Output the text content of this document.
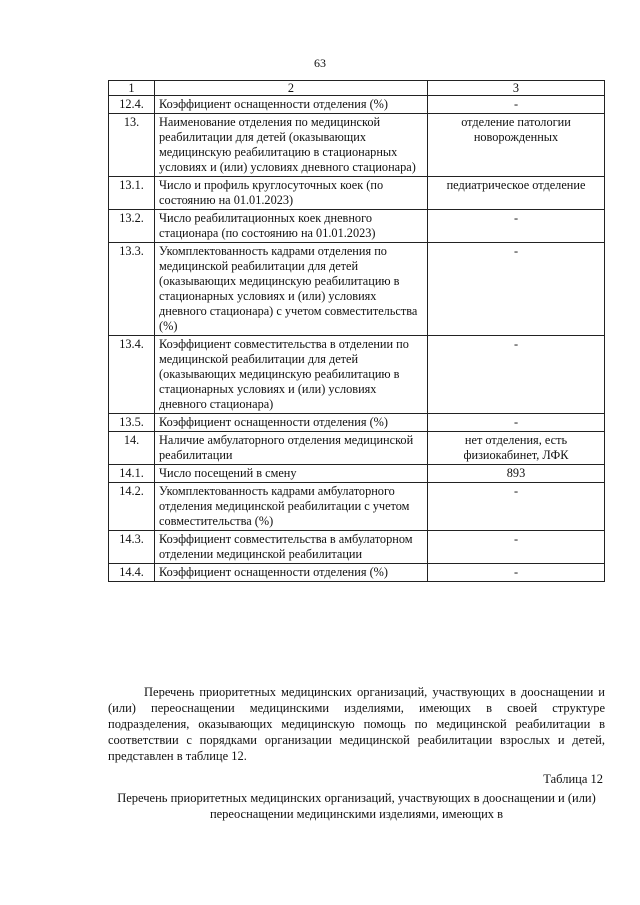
63
1	2	3
12.4.	Коэффициент оснащенности отделения (%)	-
13.	Наименование отделения по медицинской реабилитации для детей (оказывающих медицинскую реабилитацию в стационарных условиях и (или) условиях дневного стационара)	отделение патологии новорожденных
13.1.	Число и профиль круглосуточных коек (по состоянию на 01.01.2023)	педиатрическое отделение
13.2.	Число реабилитационных коек дневного стационара (по состоянию на 01.01.2023)	-
13.3.	Укомплектованность кадрами отделения по медицинской реабилитации для детей (оказывающих медицинскую реабилитацию в стационарных условиях и (или) условиях дневного стационара) с учетом совместительства (%)	-
13.4.	Коэффициент совместительства в отделении по медицинской реабилитации для детей (оказывающих медицинскую реабилитацию в стационарных условиях и (или) условиях дневного стационара)	-
13.5.	Коэффициент оснащенности отделения (%)	-
14.	Наличие амбулаторного отделения медицинской реабилитации	нет отделения, есть физиокабинет, ЛФК
14.1.	Число посещений в смену	893
14.2.	Укомплектованность кадрами амбулаторного отделения медицинской реабилитации с учетом совместительства (%)	-
14.3.	Коэффициент совместительства в амбулаторном отделении медицинской реабилитации	-
14.4.	Коэффициент оснащенности отделения (%)	-

Перечень приоритетных медицинских организаций, участвующих в дооснащении и (или) переоснащении медицинскими изделиями, имеющих в своей структуре подразделения, оказывающих медицинскую помощь по медицинской реабилитации в соответствии с порядками организации медицинской реабилитации взрослых и детей, представлен в таблице 12.

Таблица 12

Перечень приоритетных медицинских организаций, участвующих в дооснащении и (или) переоснащении медицинскими изделиями, имеющих в
